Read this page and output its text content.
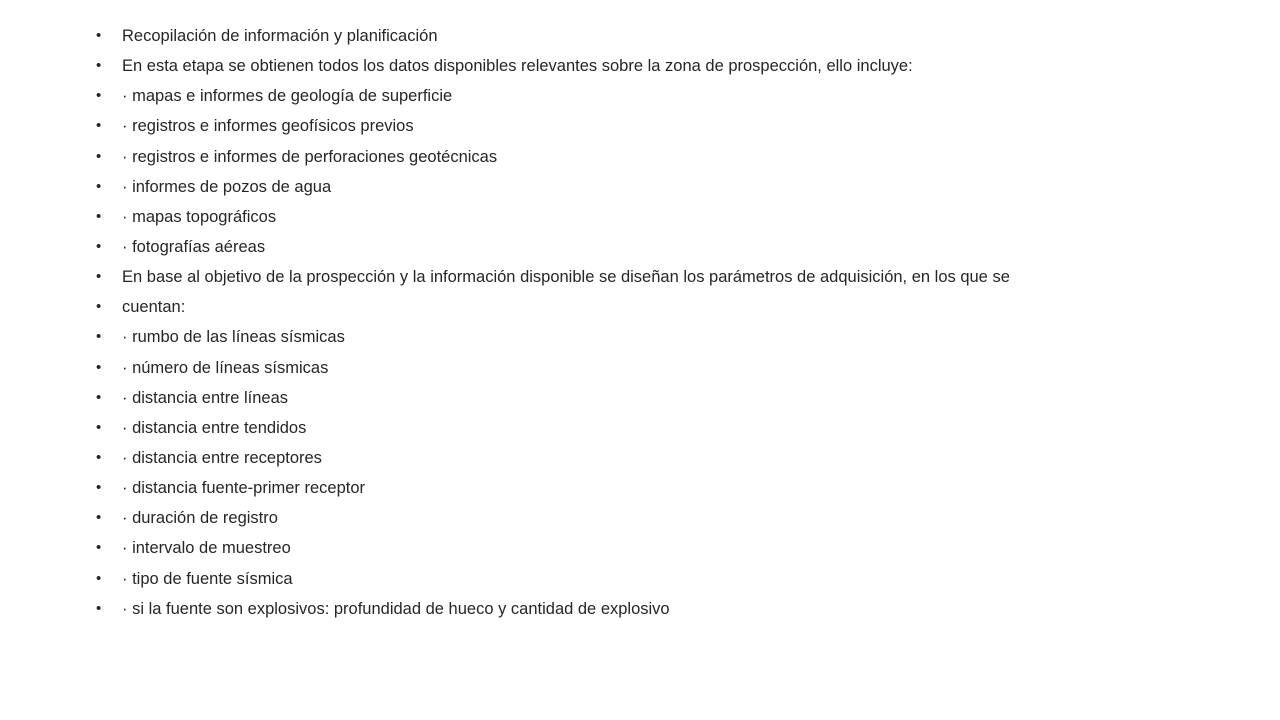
•	Recopilación de información y planificación
•	En esta etapa se obtienen todos los datos disponibles relevantes sobre la zona de prospección, ello incluye:
•	· mapas e informes de geología de superficie
•	· registros e informes geofísicos previos
•	· registros e informes de perforaciones geotécnicas
•	· informes de pozos de agua
•	· mapas topográficos
•	· fotografías aéreas
•	En base al objetivo de la prospección y la información disponible se diseñan los parámetros de adquisición, en los que se
•	cuentan:
•	· rumbo de las líneas sísmicas
•	· número de líneas sísmicas
•	· distancia entre líneas
•	· distancia entre tendidos
•	· distancia entre receptores
•	· distancia fuente-primer receptor
•	· duración de registro
•	· intervalo de muestreo
•	· tipo de fuente sísmica
•	· si la fuente son explosivos: profundidad de hueco y cantidad de explosivo
